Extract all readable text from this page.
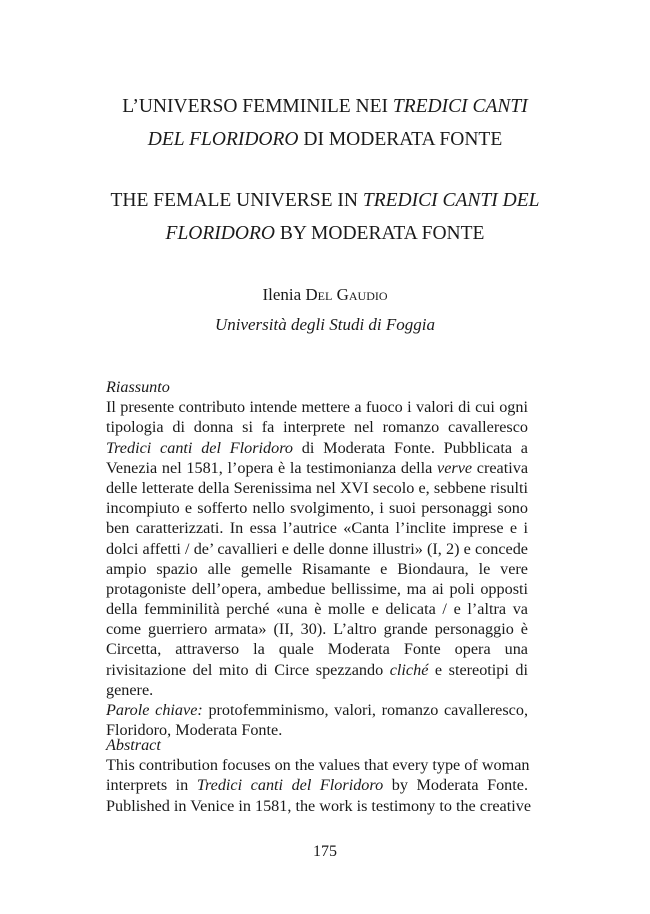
L’UNIVERSO FEMMINILE NEI TREDICI CANTI
DEL FLORIDORO DI MODERATA FONTE
THE FEMALE UNIVERSE IN TREDICI CANTI DEL
FLORIDORO BY MODERATA FONTE
Ilenia Del Gaudio
Università degli Studi di Foggia
Riassunto
Il presente contributo intende mettere a fuoco i valori di cui ogni
tipologia di donna si fa interprete nel romanzo cavalleresco
Tredici canti del Floridoro di Moderata Fonte. Pubblicata a
Venezia nel 1581, l’opera è la testimonianza della verve creativa
delle letterate della Serenissima nel XVI secolo e, sebbene risulti
incompiuto e sofferto nello svolgimento, i suoi personaggi sono
ben caratterizzati. In essa l’autrice «Canta l’inclite imprese e i
dolci affetti / de’ cavallieri e delle donne illustri» (I, 2) e concede
ampio spazio alle gemelle Risamante e Biondaura, le vere
protagoniste dell’opera, ambedue bellissime, ma ai poli opposti
della femminilità perché «una è molle e delicata / e l’altra va
come guerriero armata» (II, 30). L’altro grande personaggio è
Circetta, attraverso la quale Moderata Fonte opera una
rivisitazione del mito di Circe spezzando cliché e stereotipi di
genere.
Parole chiave: protofemminismo, valori, romanzo cavalleresco,
Floridoro, Moderata Fonte.
Abstract
This contribution focuses on the values that every type of woman
interprets in Tredici canti del Floridoro by Moderata Fonte.
Published in Venice in 1581, the work is testimony to the creative
175
